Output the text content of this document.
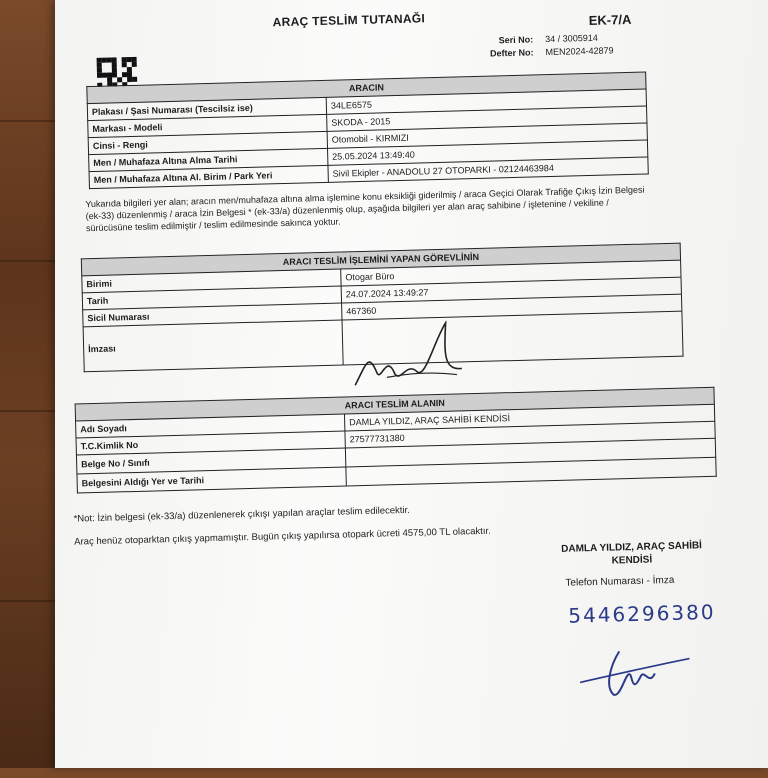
ARAÇ TESLİM TUTANAĞI	EK-7/A
Seri No: 34 / 3005914
Defter No: MEN2024-42879
ARACIN	
Plakası / Şasi Numarası (Tescilsiz ise)	34LE6575
Markası - Modeli	SKODA - 2015
Cinsi - Rengi	Otomobil - KIRMIZI
Men / Muhafaza Altına Alma Tarihi	25.05.2024 13:49:40
Men / Muhafaza Altına Al. Birim / Park Yeri	Sivil Ekipler - ANADOLU 27 OTOPARKI - 02124463984
Yukarıda bilgileri yer alan; aracın men/muhafaza altına alma işlemine konu eksikliği giderilmiş / araca Geçici Olarak Trafiğe Çıkış İzin Belgesi (ek-33) düzenlenmiş / araca İzin Belgesi * (ek-33/a) düzenlenmiş olup, aşağıda bilgileri yer alan araç sahibine / işletenine / vekiline / sürücüsüne teslim edilmiştir / teslim edilmesinde sakınca yoktur.
ARACI TESLİM İŞLEMİNİ YAPAN GÖREVLİNİN	
Birimi	Otogar Büro
Tarih	24.07.2024 13:49:27
Sicil Numarası	467360
İmzası	
ARACI TESLİM ALANIN	
Adı Soyadı	DAMLA YILDIZ, ARAÇ SAHİBİ KENDİSİ
T.C.Kimlik No	27577731380
Belge No / Sınıfı	
Belgesini Aldığı Yer ve Tarihi	
*Not: İzin belgesi (ek-33/a) düzenlenerek çıkışı yapılan araçlar teslim edilecektir.
Araç henüz otoparktan çıkış yapmamıştır. Bugün çıkış yapılırsa otopark ücreti 4575,00 TL olacaktır.	DAMLA YILDIZ, ARAÇ SAHİBİ
KENDİSİ
Telefon Numarası - İmza
5446296380
